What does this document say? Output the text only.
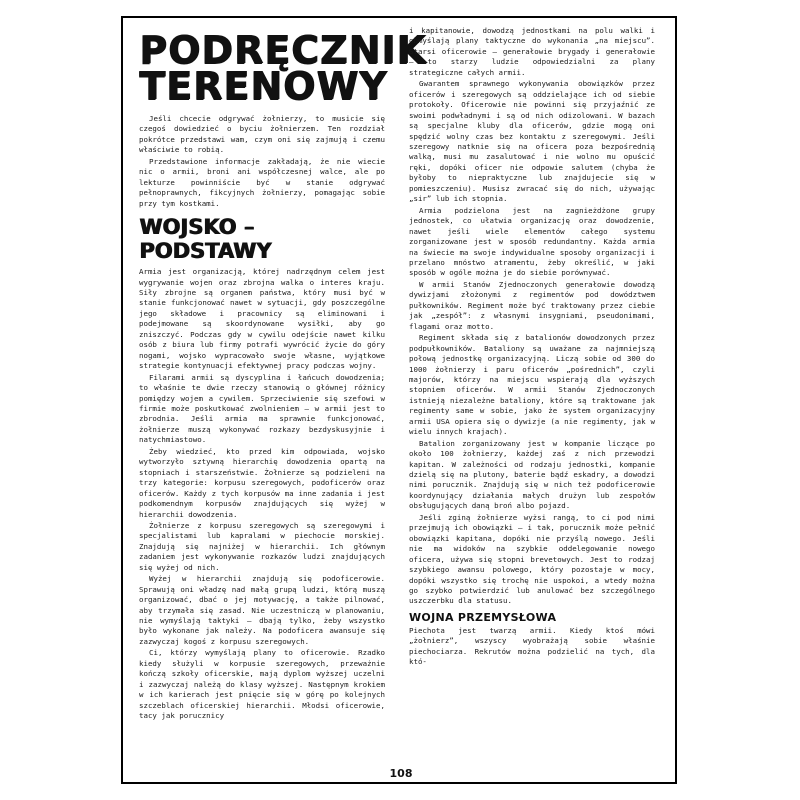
PODRĘCZNIK TERENOWY

Jeśli chcecie odgrywać żołnierzy, to musicie się czegoś dowiedzieć o byciu żołnierzem. Ten rozdział pokrótce przedstawi wam, czym oni się zajmują i czemu właściwie to robią.

Przedstawione informacje zakładają, że nie wiecie nic o armii, broni ani współczesnej walce, ale po lekturze powinniście być w stanie odgrywać pełnoprawnych, fikcyjnych żołnierzy, pomagając sobie przy tym kostkami.

WOJSKO – PODSTAWY

Armia jest organizacją, której nadrzędnym celem jest wygrywanie wojen oraz zbrojna walka o interes kraju. Siły zbrojne są organem państwa, który musi być w stanie funkcjonować nawet w sytuacji, gdy poszczególne jego składowe i pracownicy są eliminowani i podejmowane są skoordynowane wysiłki, aby go zniszczyć. Podczas gdy w cywilu odejście nawet kilku osób z biura lub firmy potrafi wywrócić życie do góry nogami, wojsko wypracowało swoje własne, wyjątkowe strategie kontynuacji efektywnej pracy podczas wojny.

Filarami armii są dyscyplina i łańcuch dowodzenia; to właśnie te dwie rzeczy stanowią o głównej różnicy pomiędzy wojem a cywilem. Sprzeciwienie się szefowi w firmie może poskutkować zwolnieniem – w armii jest to zbrodnia. Jeśli armia ma sprawnie funkcjonować, żołnierze muszą wykonywać rozkazy bezdyskusyjnie i natychmiastowo.

Żeby wiedzieć, kto przed kim odpowiada, wojsko wytworzyło sztywną hierarchię dowodzenia opartą na stopniach i starszeństwie. Żołnierze są podzieleni na trzy kategorie: korpusu szeregowych, podoficerów oraz oficerów. Każdy z tych korpusów ma inne zadania i jest podkomendnym korpusów znajdujących się wyżej w hierarchii dowodzenia.

Żołnierze z korpusu szeregowych są szeregowymi i specjalistami lub kapralami w piechocie morskiej. Znajdują się najniżej w hierarchii. Ich głównym zadaniem jest wykonywanie rozkazów ludzi znajdujących się wyżej od nich.

Wyżej w hierarchii znajdują się podoficerowie. Sprawują oni władzę nad małą grupą ludzi, którą muszą organizować, dbać o jej motywację, a także pilnować, aby trzymała się zasad. Nie uczestniczą w planowaniu, nie wymyślają taktyki – dbają tylko, żeby wszystko było wykonane jak należy. Na podoficera awansuje się zazwyczaj kogoś z korpusu szeregowych.

Ci, którzy wymyślają plany to oficerowie. Rzadko kiedy służyli w korpusie szeregowych, przeważnie kończą szkoły oficerskie, mają dyplom wyższej uczelni i zazwyczaj należą do klasy wyższej. Następnym krokiem w ich karierach jest pnięcie się w górę po kolejnych szczeblach oficerskiej hierarchii. Młodsi oficerowie, tacy jak porucznicy

i kapitanowie, dowodzą jednostkami na polu walki i obmyślają plany taktyczne do wykonania „na miejscu”. Starsi oficerowie – generałowie brygady i generałowie – to starzy ludzie odpowiedzialni za plany strategiczne całych armii.

Gwarantem sprawnego wykonywania obowiązków przez oficerów i szeregowych są oddzielające ich od siebie protokoły. Oficerowie nie powinni się przyjaźnić ze swoimi podwładnymi i są od nich odizolowani. W bazach są specjalne kluby dla oficerów, gdzie mogą oni spędzić wolny czas bez kontaktu z szeregowymi. Jeśli szeregowy natknie się na oficera poza bezpośrednią walką, musi mu zasalutować i nie wolno mu opuścić ręki, dopóki oficer nie odpowie salutem (chyba że byłoby to niepraktyczne lub znajdujecie się w pomieszczeniu). Musisz zwracać się do nich, używając „sir” lub ich stopnia.

Armia podzielona jest na zagnieżdżone grupy jednostek, co ułatwia organizację oraz dowodzenie, nawet jeśli wiele elementów całego systemu zorganizowane jest w sposób redundantny. Każda armia na świecie ma swoje indywidualne sposoby organizacji i przelano mnóstwo atramentu, żeby określić, w jaki sposób w ogóle można je do siebie porównywać.

W armii Stanów Zjednoczonych generałowie dowodzą dywizjami złożonymi z regimentów pod dowództwem pułkowników. Regiment może być traktowany przez ciebie jak „zespół”: z własnymi insygniami, pseudonimami, flagami oraz motto.

Regiment składa się z batalionów dowodzonych przez podpułkowników. Bataliony są uważane za najmniejszą połową jednostkę organizacyjną. Liczą sobie od 300 do 1000 żołnierzy i paru oficerów „pośrednich”, czyli majorów, którzy na miejscu wspierają dla wyższych stopniem oficerów. W armii Stanów Zjednoczonych istnieją niezależne bataliony, które są traktowane jak regimenty same w sobie, jako że system organizacyjny armii USA opiera się o dywizje (a nie regimenty, jak w wielu innych krajach).

Batalion zorganizowany jest w kompanie liczące po około 100 żołnierzy, każdej zaś z nich przewodzi kapitan. W zależności od rodzaju jednostki, kompanie dzielą się na plutony, baterie bądź eskadry, a dowodzi nimi porucznik. Znajdują się w nich też podoficerowie koordynujący działania małych drużyn lub zespołów obsługujących daną broń albo pojazd.

Jeśli zginą żołnierze wyżsi rangą, to ci pod nimi przejmują ich obowiązki – i tak, porucznik może pełnić obowiązki kapitana, dopóki nie przyślą nowego. Jeśli nie ma widoków na szybkie oddelegowanie nowego oficera, używa się stopni brevetowych. Jest to rodzaj szybkiego awansu polowego, który pozostaje w mocy, dopóki wszystko się trochę nie uspokoi, a wtedy można go szybko potwierdzić lub anulować bez szczególnego uszczerbku dla statusu.

WOJNA PRZEMYSŁOWA

Piechota jest twarzą armii. Kiedy ktoś mówi „żołnierz”, wszyscy wyobrażają sobie właśnie piechociarza. Rekrutów można podzielić na tych, dla któ-

108
